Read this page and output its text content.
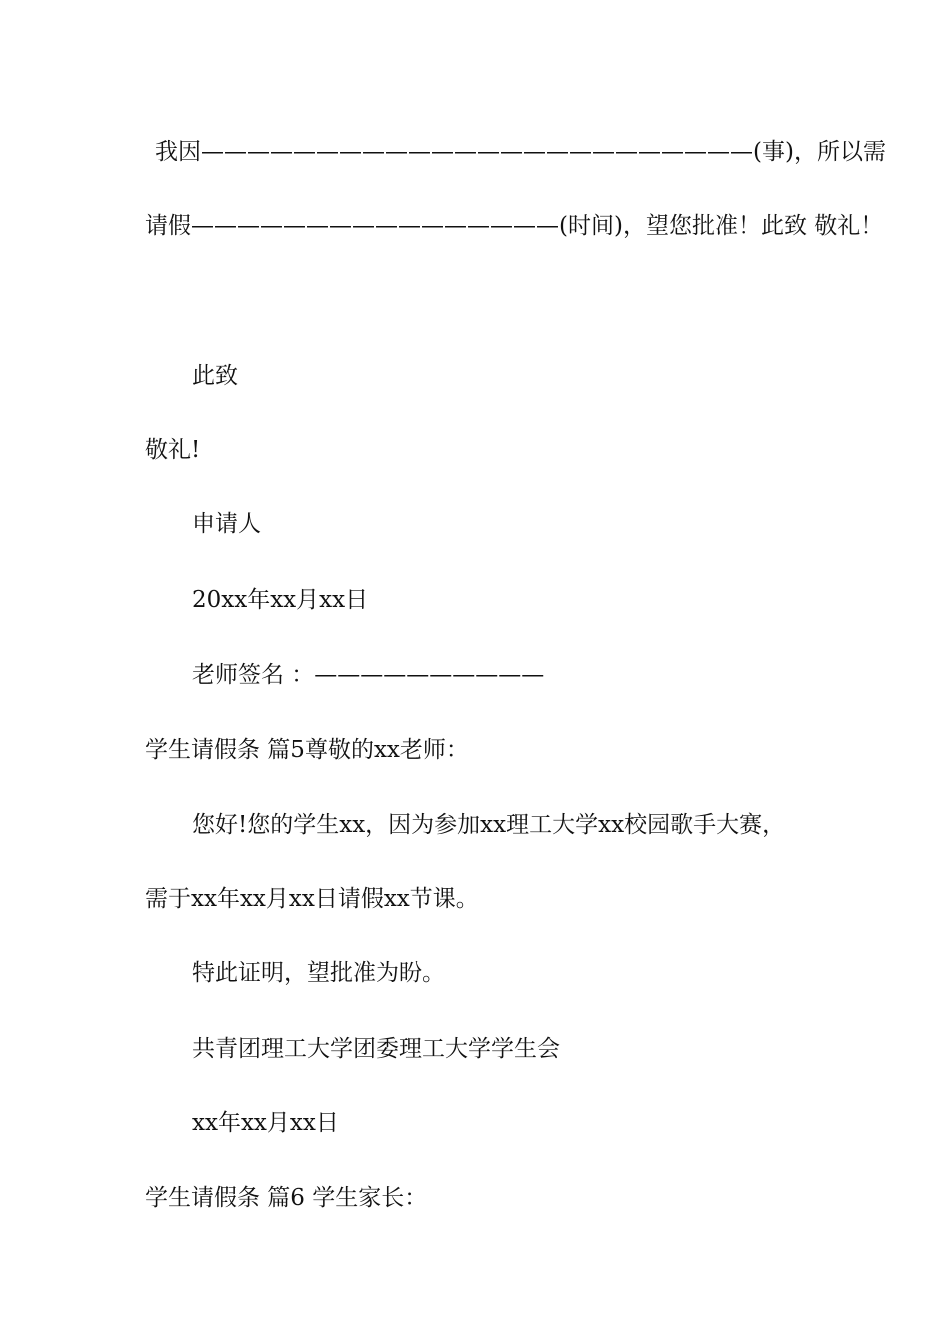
我因————————————————————————(事)，所以需

请假————————————————(时间)，望您批准！此致 敬礼！

此致

敬礼!

申请人

20xx年xx月xx日

老师签名 ：——————————

学生请假条 篇5尊敬的xx老师：

您好!您的学生xx，因为参加xx理工大学xx校园歌手大赛，

需于xx年xx月xx日请假xx节课。

特此证明，望批准为盼。

共青团理工大学团委理工大学学生会

xx年xx月xx日

学生请假条 篇6 学生家长：
